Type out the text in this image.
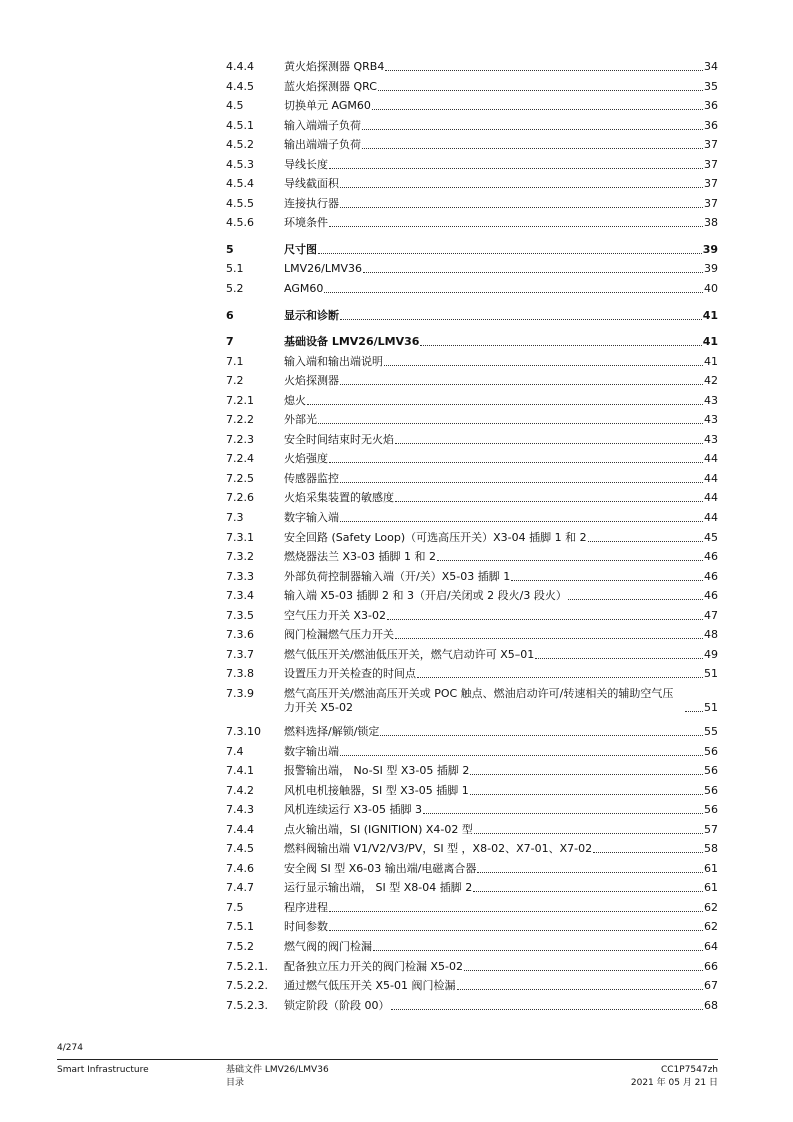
4.4.4	黄火焰探测器 QRB4	34
4.4.5	蓝火焰探测器 QRC	35
4.5	切换单元 AGM60	36
4.5.1	输入端端子负荷	36
4.5.2	输出端端子负荷	37
4.5.3	导线长度	37
4.5.4	导线截面积	37
4.5.5	连接执行器	37
4.5.6	环境条件	38
5	尺寸图	39
5.1	LMV26/LMV36	39
5.2	AGM60	40
6	显示和诊断	41
7	基础设备 LMV26/LMV36	41
7.1	输入端和输出端说明	41
7.2	火焰探测器	42
7.2.1	熄火	43
7.2.2	外部光	43
7.2.3	安全时间结束时无火焰	43
7.2.4	火焰强度	44
7.2.5	传感器监控	44
7.2.6	火焰采集装置的敏感度	44
7.3	数字输入端	44
7.3.1	安全回路 (Safety Loop)（可选高压开关）X3-04 插脚 1 和 2	45
7.3.2	燃烧器法兰 X3-03 插脚 1 和 2	46
7.3.3	外部负荷控制器输入端（开/关）X5-03 插脚 1	46
7.3.4	输入端 X5-03 插脚 2 和 3（开启/关闭或 2 段火/3 段火）	46
7.3.5	空气压力开关 X3-02	47
7.3.6	阀门检漏燃气压力开关	48
7.3.7	燃气低压开关/燃油低压开关，燃气启动许可 X5–01	49
7.3.8	设置压力开关检查的时间点	51
7.3.9	燃气高压开关/燃油高压开关或 POC 触点、燃油启动许可/转速相关的辅助空气压力开关 X5-02	51
7.3.10	燃料选择/解锁/锁定	55
7.4	数字输出端	56
7.4.1	报警输出端， No-SI 型 X3-05 插脚 2	56
7.4.2	风机电机接触器，SI 型 X3-05 插脚 1	56
7.4.3	风机连续运行 X3-05 插脚 3	56
7.4.4	点火输出端，SI (IGNITION) X4-02 型	57
7.4.5	燃料阀输出端 V1/V2/V3/PV，SI 型 ，X8-02、X7-01、X7-02	58
7.4.6	安全阀 SI 型 X6-03 输出端/电磁离合器	61
7.4.7	运行显示输出端， SI 型 X8-04 插脚 2	61
7.5	程序进程	62
7.5.1	时间参数	62
7.5.2	燃气阀的阀门检漏	64
7.5.2.1.	配备独立压力开关的阀门检漏 X5-02	66
7.5.2.2.	通过燃气低压开关 X5-01 阀门检漏	67
7.5.2.3.	锁定阶段（阶段 00）	68
4/274
Smart Infrastructure	基础文件 LMV26/LMV36
目录
CC1P7547zh
2021 年 05 月 21 日
